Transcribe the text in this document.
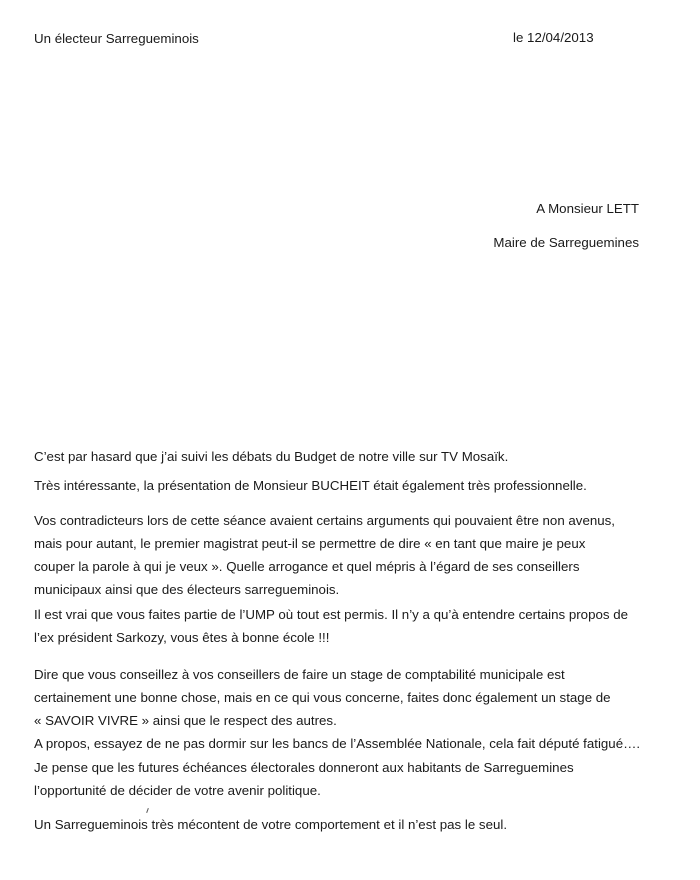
Un électeur Sarregueminois	le 12/04/2013
A Monsieur LETT
Maire de Sarreguemines
C’est par hasard que j’ai suivi les débats du Budget de notre ville sur TV Mosaïk.
Très intéressante, la présentation de Monsieur BUCHEIT était également très professionnelle.
Vos contradicteurs lors de cette séance avaient certains arguments qui pouvaient être non avenus,
mais pour autant, le premier magistrat peut-il se permettre de dire « en tant que maire je peux
couper la parole à qui je veux ». Quelle arrogance et quel mépris à l’égard de ses conseillers
municipaux ainsi que des électeurs sarregueminois.
Il est vrai que vous faites partie de l’UMP où tout est permis. Il n’y a qu’à entendre certains propos de
l’ex président Sarkozy, vous êtes à bonne école !!!
Dire que vous conseillez à vos conseillers de faire un stage de comptabilité municipale est
certainement une bonne chose, mais en ce qui vous concerne, faites donc également un stage de
« SAVOIR VIVRE » ainsi que le respect des autres.
A propos, essayez de ne pas dormir sur les bancs de l’Assemblée Nationale, cela fait député fatigué….
Je pense que les futures échéances électorales donneront aux habitants de Sarreguemines
l’opportunité de décider de votre avenir politique.
Un Sarregueminois très mécontent de votre comportement et il n’est pas le seul.
